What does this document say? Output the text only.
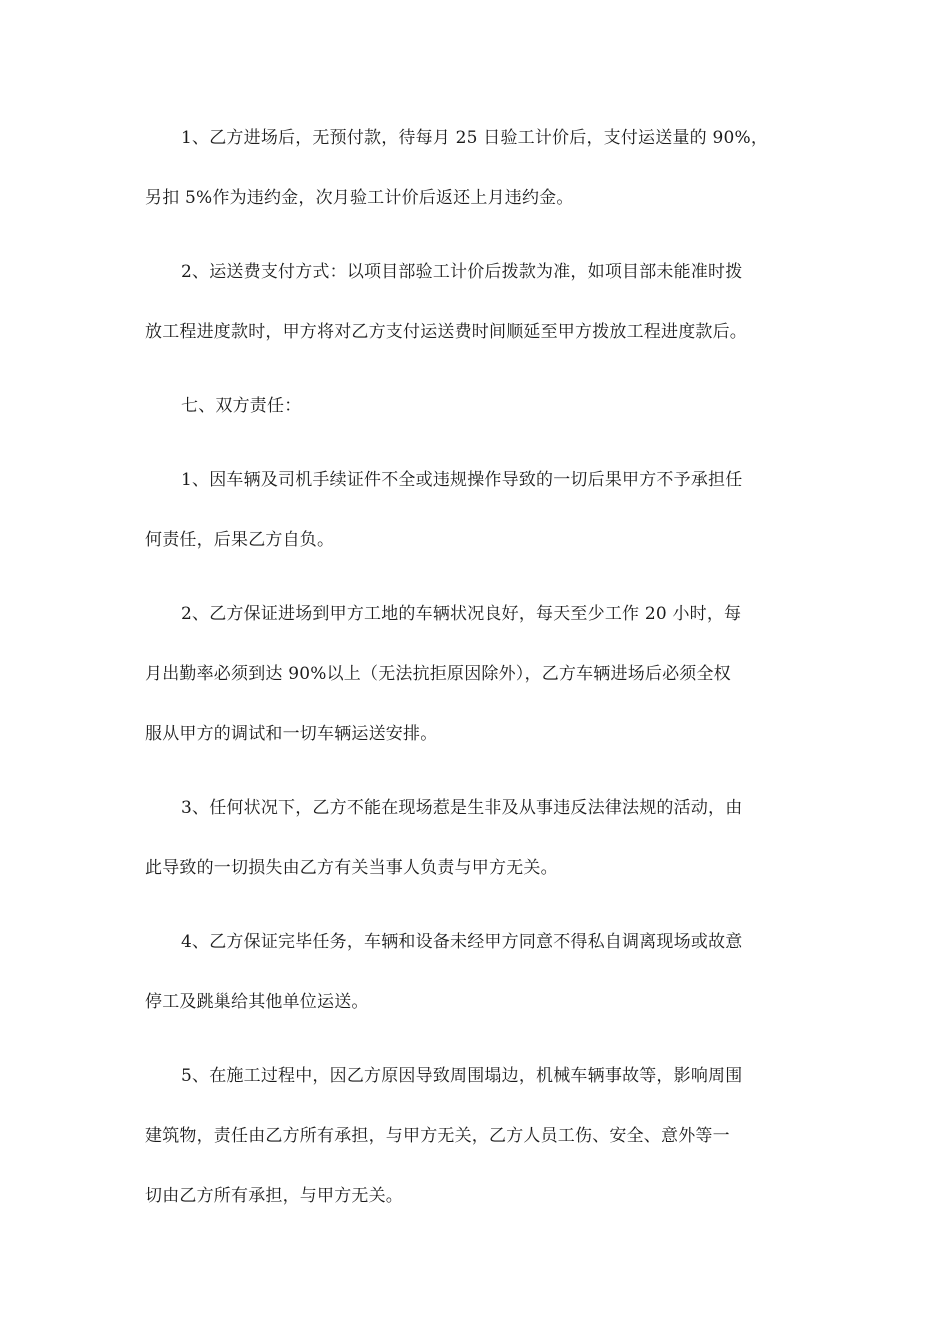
1、乙方进场后，无预付款，待每月 25 日验工计价后，支付运送量的 90%，
另扣 5%作为违约金，次月验工计价后返还上月违约金。
2、运送费支付方式：以项目部验工计价后拨款为准，如项目部未能准时拨
放工程进度款时，甲方将对乙方支付运送费时间顺延至甲方拨放工程进度款后。
七、双方责任：
1、因车辆及司机手续证件不全或违规操作导致的一切后果甲方不予承担任
何责任，后果乙方自负。
2、乙方保证进场到甲方工地的车辆状况良好，每天至少工作 20 小时，每
月出勤率必须到达 90%以上（无法抗拒原因除外），乙方车辆进场后必须全权
服从甲方的调试和一切车辆运送安排。
3、任何状况下，乙方不能在现场惹是生非及从事违反法律法规的活动，由
此导致的一切损失由乙方有关当事人负责与甲方无关。
4、乙方保证完毕任务，车辆和设备未经甲方同意不得私自调离现场或故意
停工及跳巢给其他单位运送。
5、在施工过程中，因乙方原因导致周围塌边，机械车辆事故等，影响周围
建筑物，责任由乙方所有承担，与甲方无关，乙方人员工伤、安全、意外等一
切由乙方所有承担，与甲方无关。
